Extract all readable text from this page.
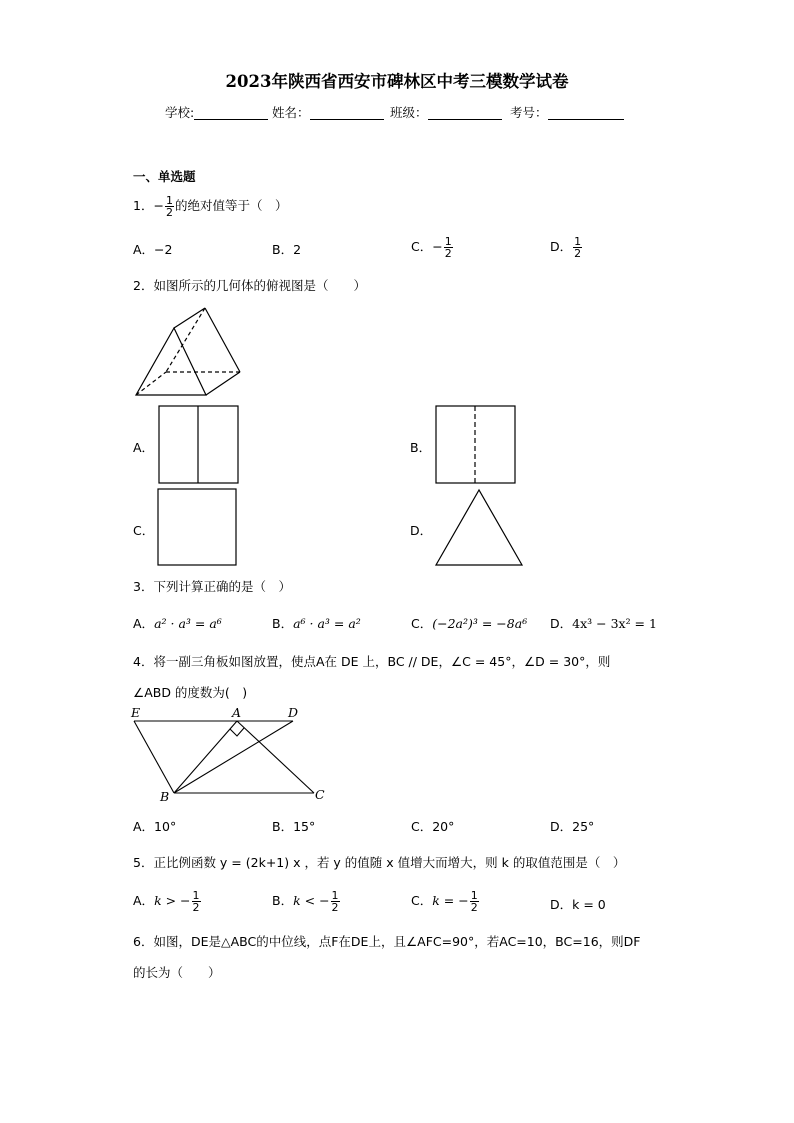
2023年陕西省西安市碑林区中考三模数学试卷
学校:	姓名：	班级：	考号：
一、单选题
1．− $\frac{1}{2}$ 的绝对值等于（　）
A．−2	B．2	C．− $\frac{1}{2}$	D． $\frac{1}{2}$
2．如图所示的几何体的俯视图是（　　）
A．	B．
C．	D．
3．下列计算正确的是（　）
A．a² · a³ = a⁶	B．a⁶ · a³ = a²	C．(−2a²)³ = −8a⁶ D．4x³ − 3x² = 1
4．将一副三角板如图放置，使点A在 DE 上，BC // DE，∠C = 45°，∠D = 30°，则
∠ABD 的度数为(　)
E	A	D
B	C
A．10°	B．15°	C．20°	D．25°
5．正比例函数 y = (2k+1) x ，若 y 的值随 x 值增大而增大，则 k 的取值范围是（　）
A．k > − $\frac{1}{2}$	B．k < − $\frac{1}{2}$	C．k = − $\frac{1}{2}$	D．k = 0
6．如图，DE是△ABC的中位线，点F在DE上，且∠AFC=90°，若AC=10，BC=16，则DF
的长为（　　）
